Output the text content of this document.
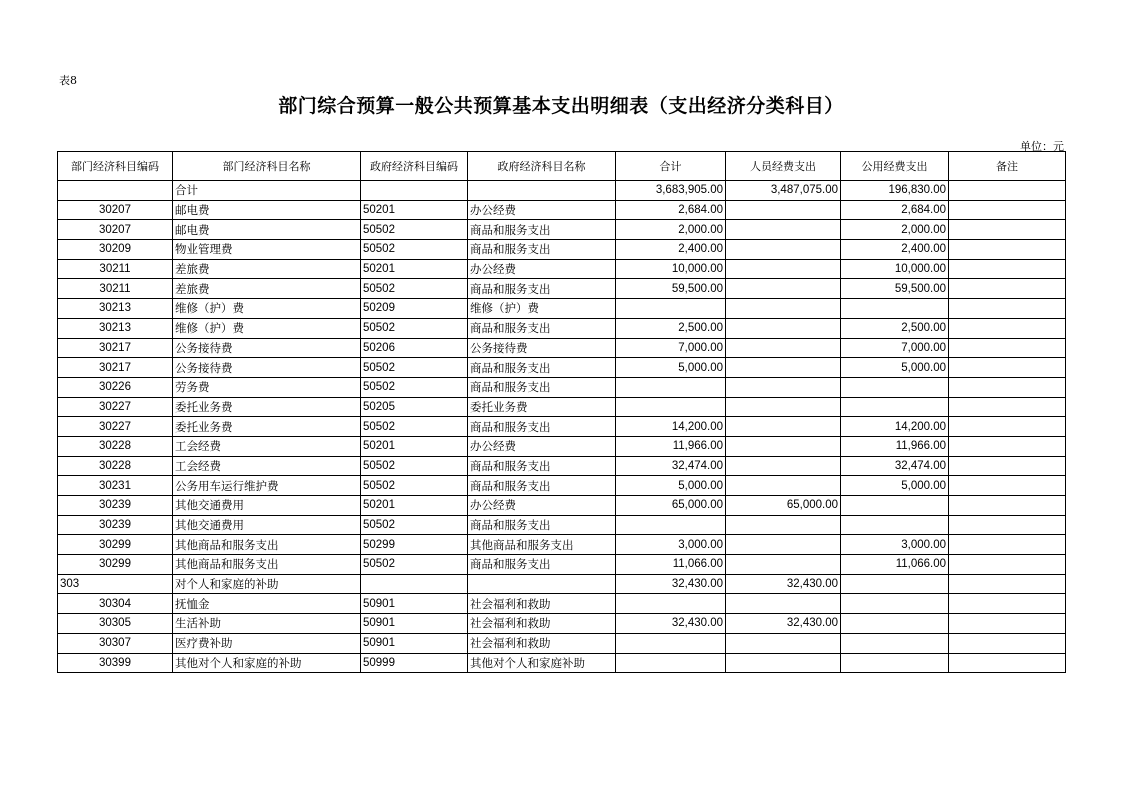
表8
部门综合预算一般公共预算基本支出明细表（支出经济分类科目）
单位：元
部门经济科目编码	部门经济科目名称	政府经济科目编码	政府经济科目名称	合计	人员经费支出	公用经费支出	备注
	合计			3,683,905.00	3,487,075.00	196,830.00	
30207	邮电费	50201	办公经费	2,684.00		2,684.00	
30207	邮电费	50502	商品和服务支出	2,000.00		2,000.00	
30209	物业管理费	50502	商品和服务支出	2,400.00		2,400.00	
30211	差旅费	50201	办公经费	10,000.00		10,000.00	
30211	差旅费	50502	商品和服务支出	59,500.00		59,500.00	
30213	维修（护）费	50209	维修（护）费				
30213	维修（护）费	50502	商品和服务支出	2,500.00		2,500.00	
30217	公务接待费	50206	公务接待费	7,000.00		7,000.00	
30217	公务接待费	50502	商品和服务支出	5,000.00		5,000.00	
30226	劳务费	50502	商品和服务支出				
30227	委托业务费	50205	委托业务费				
30227	委托业务费	50502	商品和服务支出	14,200.00		14,200.00	
30228	工会经费	50201	办公经费	11,966.00		11,966.00	
30228	工会经费	50502	商品和服务支出	32,474.00		32,474.00	
30231	公务用车运行维护费	50502	商品和服务支出	5,000.00		5,000.00	
30239	其他交通费用	50201	办公经费	65,000.00	65,000.00		
30239	其他交通费用	50502	商品和服务支出				
30299	其他商品和服务支出	50299	其他商品和服务支出	3,000.00		3,000.00	
30299	其他商品和服务支出	50502	商品和服务支出	11,066.00		11,066.00	
303	对个人和家庭的补助			32,430.00	32,430.00		
30304	抚恤金	50901	社会福利和救助				
30305	生活补助	50901	社会福利和救助	32,430.00	32,430.00		
30307	医疗费补助	50901	社会福利和救助				
30399	其他对个人和家庭的补助	50999	其他对个人和家庭补助				
